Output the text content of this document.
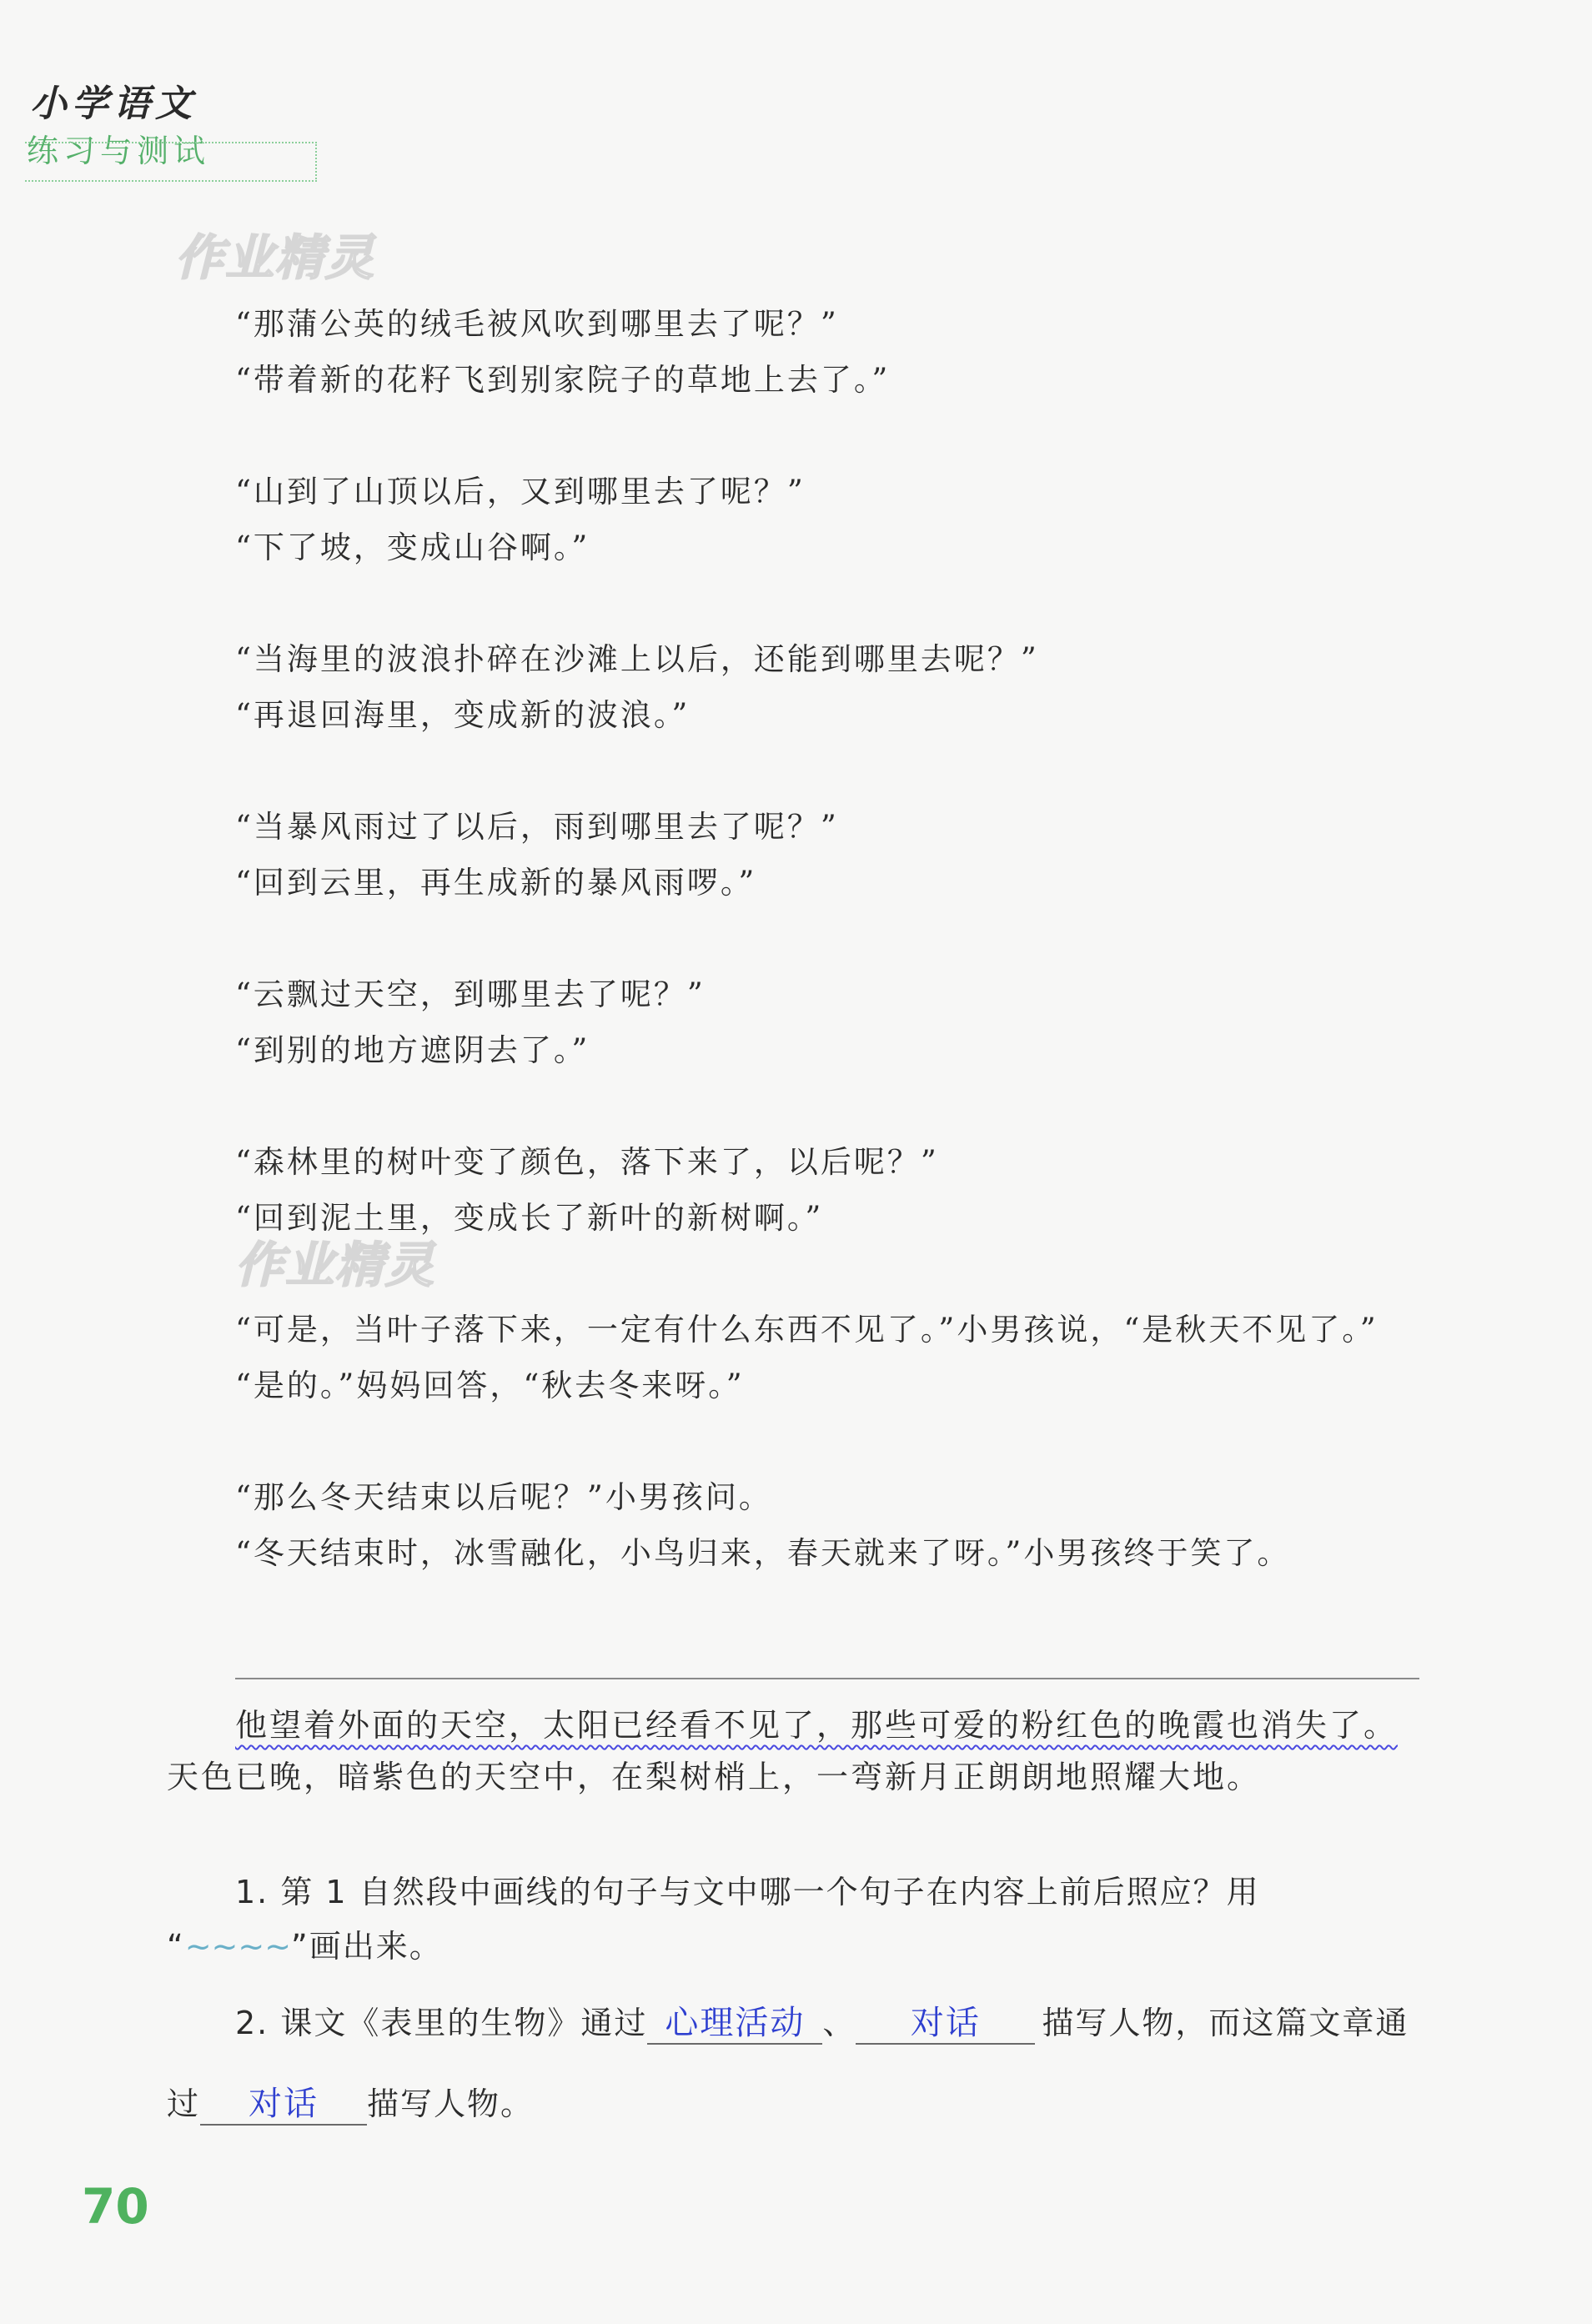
小学语文
练习与测试
作业精灵
作业精灵
“那蒲公英的绒毛被风吹到哪里去了呢？”
“带着新的花籽飞到别家院子的草地上去了。”
“山到了山顶以后，又到哪里去了呢？”
“下了坡，变成山谷啊。”
“当海里的波浪扑碎在沙滩上以后，还能到哪里去呢？”
“再退回海里，变成新的波浪。”
“当暴风雨过了以后，雨到哪里去了呢？”
“回到云里，再生成新的暴风雨啰。”
“云飘过天空，到哪里去了呢？”
“到别的地方遮阴去了。”
“森林里的树叶变了颜色，落下来了，以后呢？”
“回到泥土里，变成长了新叶的新树啊。”
“可是，当叶子落下来，一定有什么东西不见了。”小男孩说，“是秋天不见了。”
“是的。”妈妈回答，“秋去冬来呀。”
“那么冬天结束以后呢？”小男孩问。
“冬天结束时，冰雪融化，小鸟归来，春天就来了呀。”小男孩终于笑了。
他望着外面的天空，太阳已经看不见了，那些可爱的粉红色的晚霞也消失了。
天色已晚，暗紫色的天空中，在梨树梢上，一弯新月正朗朗地照耀大地。
1. 第 1 自然段中画线的句子与文中哪一个句子在内容上前后照应？用
“~~~~”画出来。
2. 课文《表里的生物》通过 心理活动 、 对话 描写人物，而这篇文章通
过 对话 描写人物。
70
